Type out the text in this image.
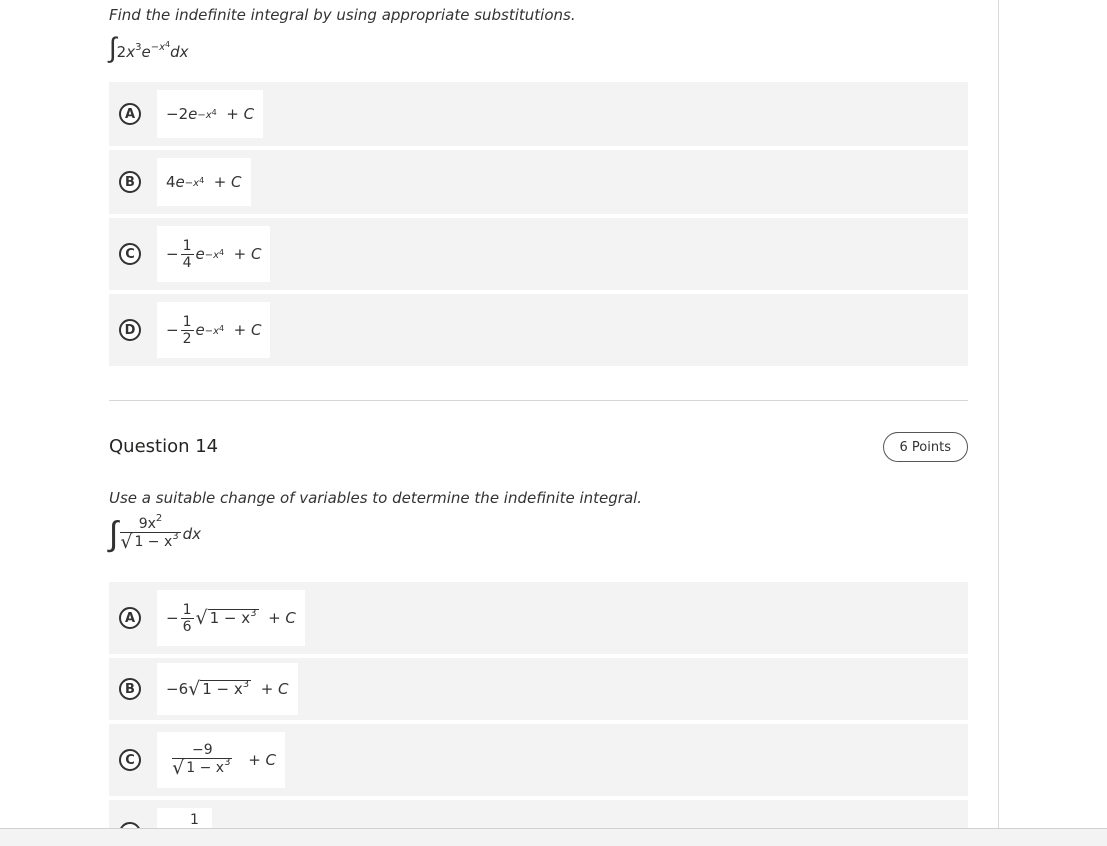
Find the indefinite integral by using appropriate substitutions.
$\int 2x^3e^{-x^4}dx$
A	−2 $e -x^4$
+ C
B	4 $e -x^4$
+ C
C	− $\frac{1}{4}$ $e -x^4$
+ C
D	− $\frac{1}{2}$ $e -x^4$
+ C
Question 14	6 Points
Use a suitable change of variables to determine the indefinite integral.
∫ $\frac{9x^2}{√ 1 - x^3}$ dx
A	− $\frac{1}{6}$ √ $1 - x^3$
+ C
B	−6 √ $1 - x^3$
+ C
C	$\frac{-9}{√ 1 - x^3}$
+ C
1
